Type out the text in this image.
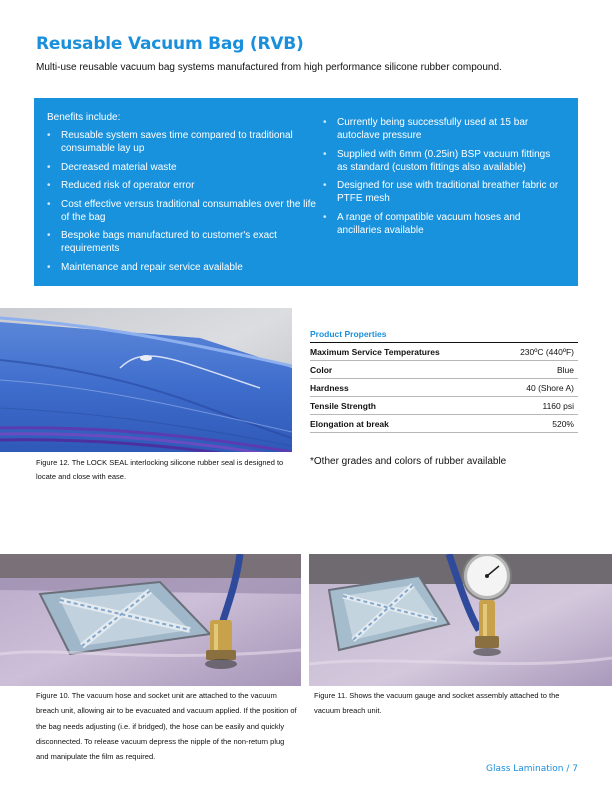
Reusable Vacuum Bag (RVB)
Multi-use reusable vacuum bag systems manufactured from high performance silicone rubber compound.
Benefits include:
• Reusable system saves time compared to traditional consumable lay up
• Decreased material waste
• Reduced risk of operator error
• Cost effective versus traditional consumables over the life of the bag
• Bespoke bags manufactured to customer's exact requirements
• Maintenance and repair service available
• Currently being successfully used at 15 bar autoclave pressure
• Supplied with 6mm (0.25in) BSP vacuum fittings as standard (custom fittings also available)
• Designed for use with traditional breather fabric or PTFE mesh
• A range of compatible vacuum hoses and ancillaries available
Figure 12. The LOCK SEAL interlocking silicone rubber seal is designed to locate and close with ease.
Product Properties
Maximum Service Temperatures	230ºC (440ºF)
Color	Blue
Hardness	40 (Shore A)
Tensile Strength	1160 psi
Elongation at break	520%
*Other grades and colors of rubber available
Figure 10. The vacuum hose and socket unit are attached to the vacuum breach unit, allowing air to be evacuated and vacuum applied. If the position of the bag needs adjusting (i.e. if bridged), the hose can be easily and quickly disconnected. To release vacuum depress the nipple of the non-return plug and manipulate the film as required.
Figure 11. Shows the vacuum gauge and socket assembly attached to the vacuum breach unit.
Glass Lamination / 7
